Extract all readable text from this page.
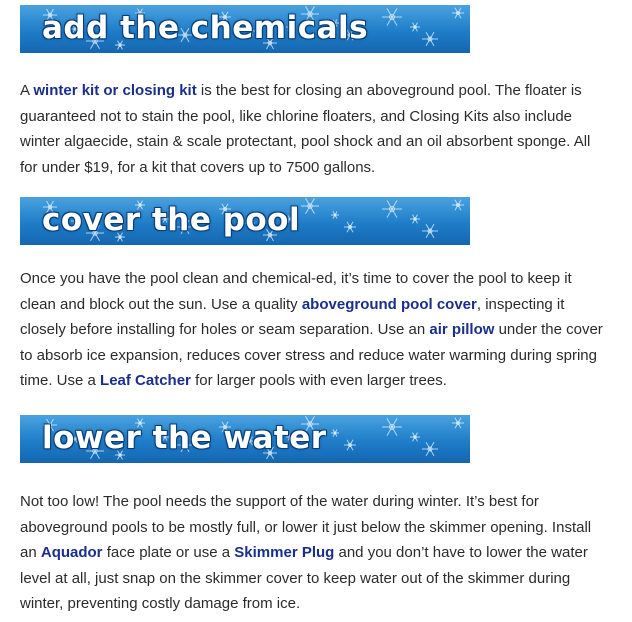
add the chemicals

A winter kit or closing kit is the best for closing an aboveground pool. The floater is guaranteed not to stain the pool, like chlorine floaters, and Closing Kits also include winter algaecide, stain & scale protectant, pool shock and an oil absorbent sponge. All for under $19, for a kit that covers up to 7500 gallons.

cover the pool

Once you have the pool clean and chemical-ed, it’s time to cover the pool to keep it clean and block out the sun. Use a quality aboveground pool cover, inspecting it closely before installing for holes or seam separation. Use an air pillow under the cover to absorb ice expansion, reduces cover stress and reduce water warming during spring time. Use a Leaf Catcher for larger pools with even larger trees.

lower the water

Not too low! The pool needs the support of the water during winter. It’s best for aboveground pools to be mostly full, or lower it just below the skimmer opening. Install an Aquador face plate or use a Skimmer Plug and you don’t have to lower the water level at all, just snap on the skimmer cover to keep water out of the skimmer during winter, preventing costly damage from ice.
